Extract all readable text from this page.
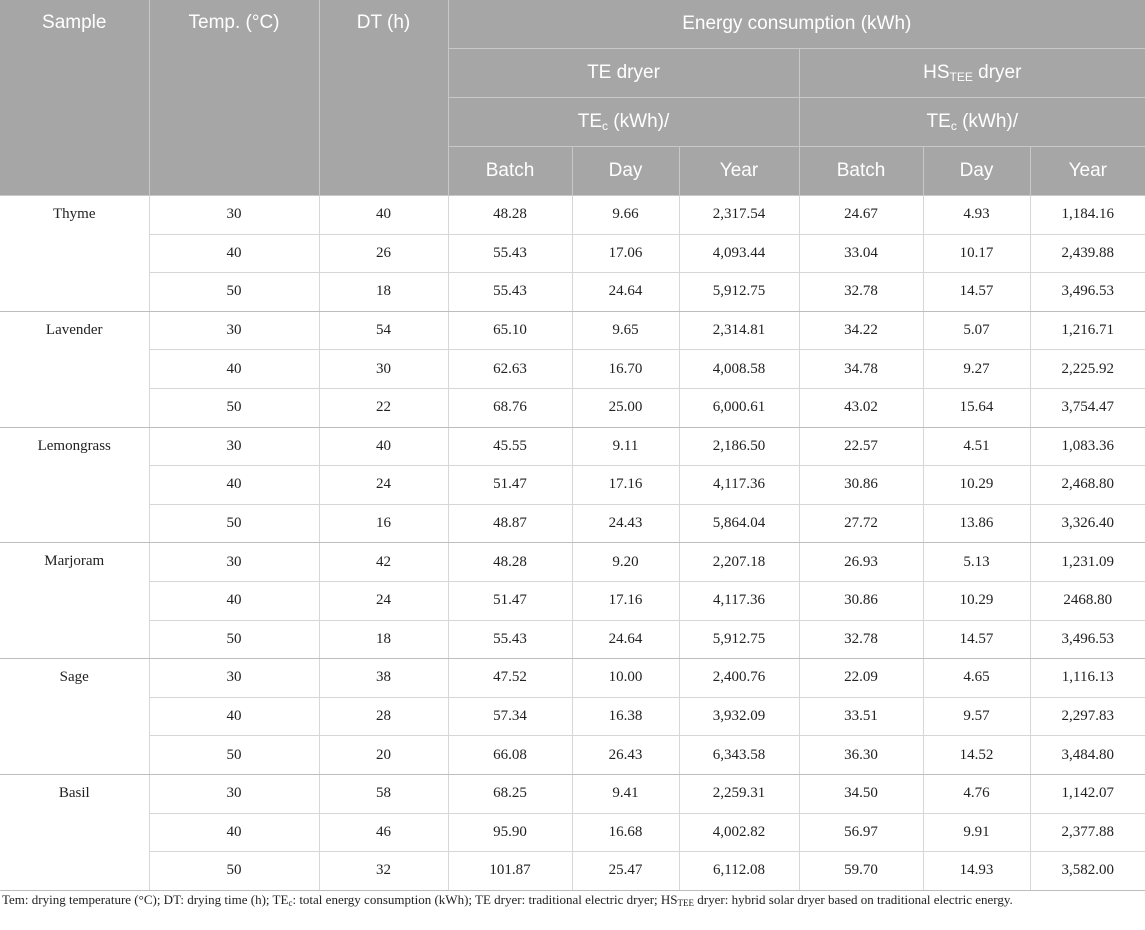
Sample	Temp. (°C)	DT (h)	Energy consumption (kWh)					
			TE dryer			$HS_{TEE}$ dryer		
			$TE_c$ (kWh)/			$TE_c$ (kWh)/		
			Batch	Day	Year	Batch	Day	Year
Thyme	30	40	48.28	9.66	2,317.54	24.67	4.93	1,184.16
	40	26	55.43	17.06	4,093.44	33.04	10.17	2,439.88
	50	18	55.43	24.64	5,912.75	32.78	14.57	3,496.53
Lavender	30	54	65.10	9.65	2,314.81	34.22	5.07	1,216.71
	40	30	62.63	16.70	4,008.58	34.78	9.27	2,225.92
	50	22	68.76	25.00	6,000.61	43.02	15.64	3,754.47
Lemongrass	30	40	45.55	9.11	2,186.50	22.57	4.51	1,083.36
	40	24	51.47	17.16	4,117.36	30.86	10.29	2,468.80
	50	16	48.87	24.43	5,864.04	27.72	13.86	3,326.40
Marjoram	30	42	48.28	9.20	2,207.18	26.93	5.13	1,231.09
	40	24	51.47	17.16	4,117.36	30.86	10.29	2468.80
	50	18	55.43	24.64	5,912.75	32.78	14.57	3,496.53
Sage	30	38	47.52	10.00	2,400.76	22.09	4.65	1,116.13
	40	28	57.34	16.38	3,932.09	33.51	9.57	2,297.83
	50	20	66.08	26.43	6,343.58	36.30	14.52	3,484.80
Basil	30	58	68.25	9.41	2,259.31	34.50	4.76	1,142.07
	40	46	95.90	16.68	4,002.82	56.97	9.91	2,377.88
	50	32	101.87	25.47	6,112.08	59.70	14.93	3,582.00
Tem: drying temperature (°C); DT: drying time (h); $TE_c$: total energy consumption (kWh); TE dryer: traditional electric dryer; $HS_{TEE}$ dryer: hybrid solar dryer based on traditional electric energy.
